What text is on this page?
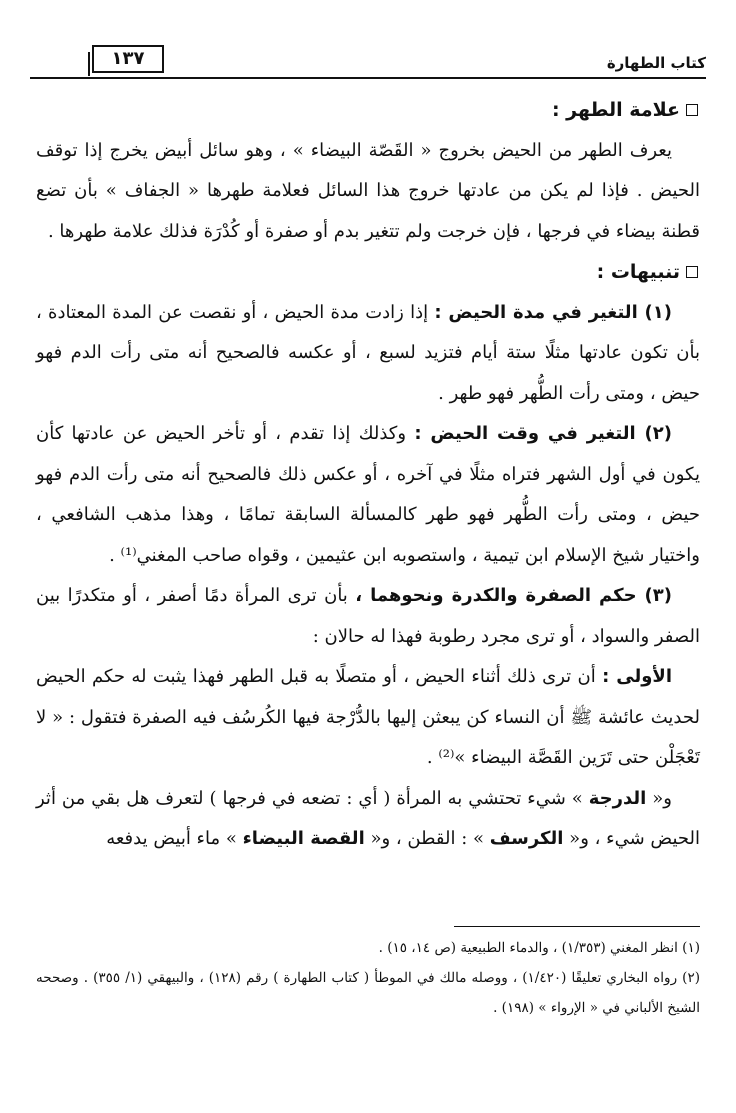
كتاب الطهارة
١٣٧
علامة الطهر :

يعرف الطهر من الحيض بخروج « القَصّة البيضاء » ، وهو سائل أبيض يخرج إذا توقف الحيض . فإذا لم يكن من عادتها خروج هذا السائل فعلامة طهرها « الجفاف » بأن تضع قطنة بيضاء في فرجها ، فإن خرجت ولم تتغير بدم أو صفرة أو كُدْرَة فذلك علامة طهرها .

تنبيهات :

(١) التغير في مدة الحيض : إذا زادت مدة الحيض ، أو نقصت عن المدة المعتادة ، بأن تكون عادتها مثلًا ستة أيام فتزيد لسبع ، أو عكسه فالصحيح أنه متى رأت الدم فهو حيض ، ومتى رأت الطُّهر فهو طهر .

(٢) التغير في وقت الحيض : وكذلك إذا تقدم ، أو تأخر الحيض عن عادتها كأن يكون في أول الشهر فتراه مثلًا في آخره ، أو عكس ذلك فالصحيح أنه متى رأت الدم فهو حيض ، ومتى رأت الطُّهر فهو طهر كالمسألة السابقة تمامًا ، وهذا مذهب الشافعي ، واختيار شيخ الإسلام ابن تيمية ، واستصوبه ابن عثيمين ، وقواه صاحب المغني⁽¹⁾ .

(٣) حكم الصفرة والكدرة ونحوهما ، بأن ترى المرأة دمًا أصفر ، أو متكدرًا بين الصفر والسواد ، أو ترى مجرد رطوبة فهذا له حالان :

الأولى : أن ترى ذلك أثناء الحيض ، أو متصلًا به قبل الطهر فهذا يثبت له حكم الحيض لحديث عائشة ﷺ أن النساء كن يبعثن إليها بالدُّرْجة فيها الكُرسُف فيه الصفرة فتقول : « لا تَعْجَلْن حتى تَرَين القَصَّة البيضاء »⁽²⁾ .

و« الدرجة » شيء تحتشي به المرأة ( أي : تضعه في فرجها ) لتعرف هل بقي من أثر الحيض شيء ، و« الكرسف » : القطن ، و« القصة البيضاء » ماء أبيض يدفعه

(١) انظر المغني (١/٣٥٣) ، والدماء الطبيعية (ص ١٤، ١٥) .

(٢) رواه البخاري تعليقًا (١/٤٢٠) ، ووصله مالك في الموطأ ( كتاب الطهارة ) رقم (١٢٨) ، والبيهقي (١/ ٣٥٥) . وصححه الشيخ الألباني في « الإرواء » (١٩٨) .
